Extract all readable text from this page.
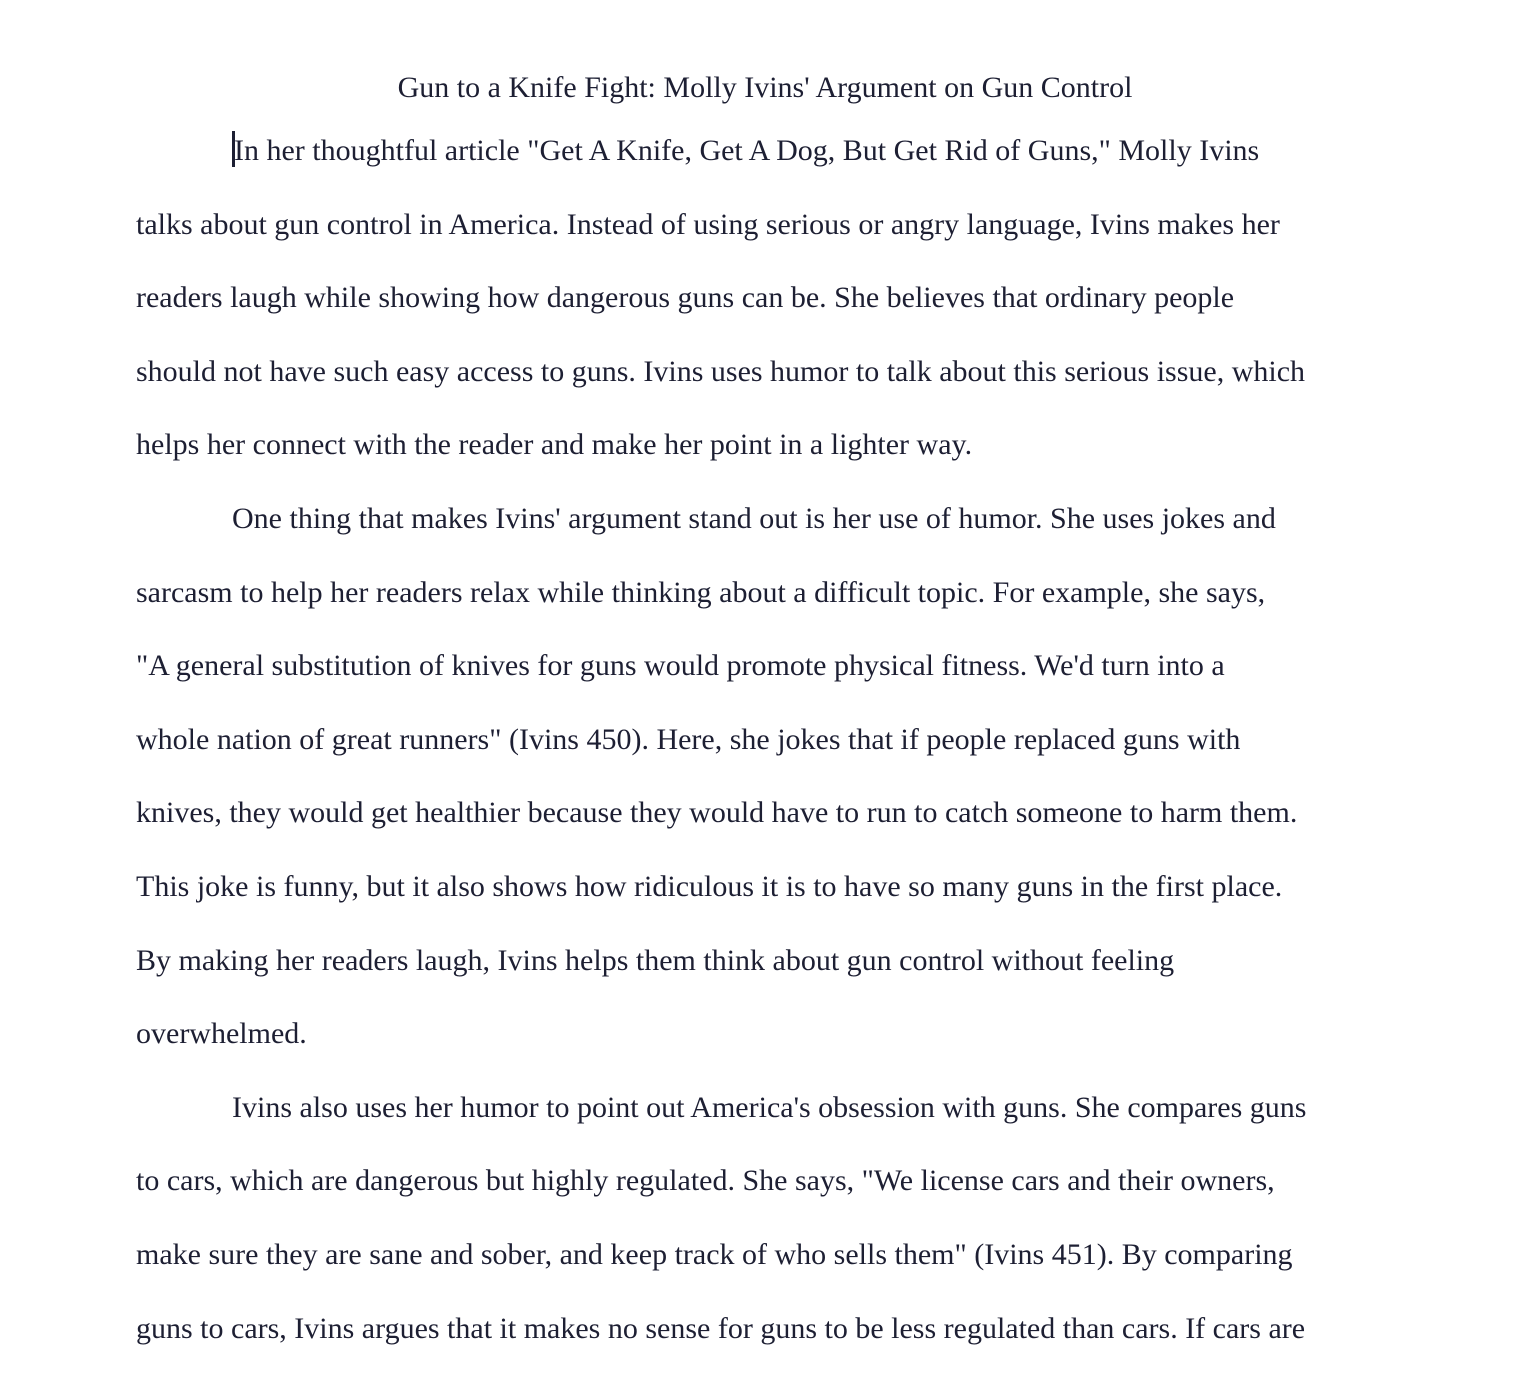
Gun to a Knife Fight: Molly Ivins' Argument on Gun Control
In her thoughtful article "Get A Knife, Get A Dog, But Get Rid of Guns," Molly Ivins
talks about gun control in America. Instead of using serious or angry language, Ivins makes her
readers laugh while showing how dangerous guns can be. She believes that ordinary people
should not have such easy access to guns. Ivins uses humor to talk about this serious issue, which
helps her connect with the reader and make her point in a lighter way.
One thing that makes Ivins' argument stand out is her use of humor. She uses jokes and
sarcasm to help her readers relax while thinking about a difficult topic. For example, she says,
"A general substitution of knives for guns would promote physical fitness. We'd turn into a
whole nation of great runners" (Ivins 450). Here, she jokes that if people replaced guns with
knives, they would get healthier because they would have to run to catch someone to harm them.
This joke is funny, but it also shows how ridiculous it is to have so many guns in the first place.
By making her readers laugh, Ivins helps them think about gun control without feeling
overwhelmed.
Ivins also uses her humor to point out America's obsession with guns. She compares guns
to cars, which are dangerous but highly regulated. She says, "We license cars and their owners,
make sure they are sane and sober, and keep track of who sells them" (Ivins 451). By comparing
guns to cars, Ivins argues that it makes no sense for guns to be less regulated than cars. If cars are
